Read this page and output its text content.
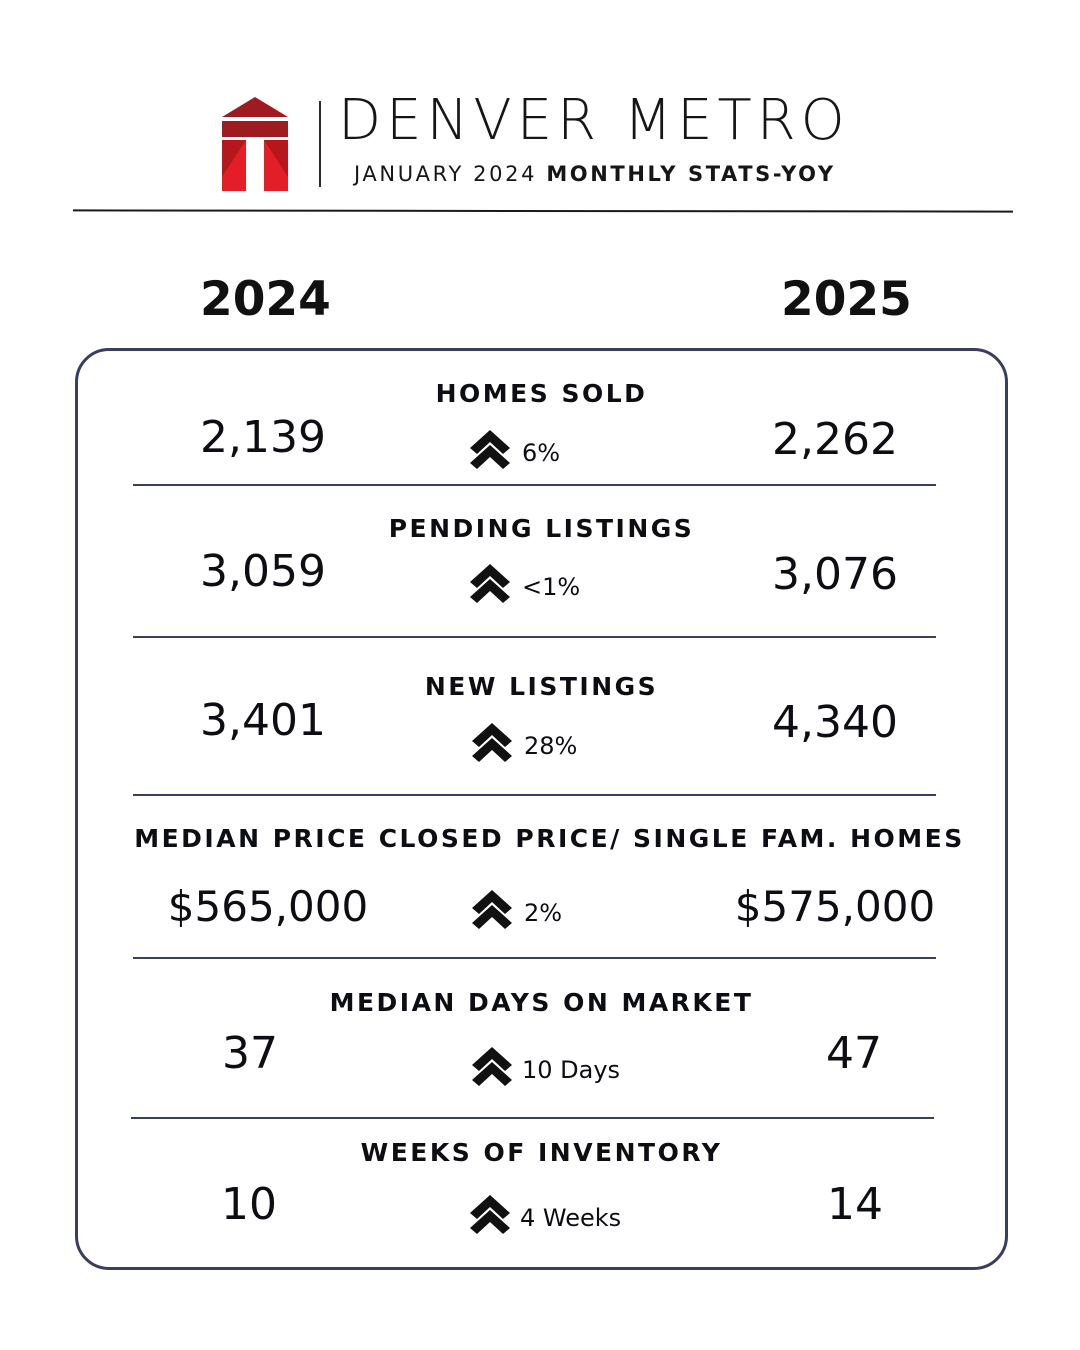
DENVER METRO
JANUARY 2024 MONTHLY STATS-YOY
2024	2025
HOMES SOLD
2,139	2,262
6%
PENDING LISTINGS
3,059	3,076
<1%
NEW LISTINGS
3,401	4,340
28%
MEDIAN PRICE CLOSED PRICE/ SINGLE FAM. HOMES
$565,000	$575,000
2%
MEDIAN DAYS ON MARKET
37	47
10 Days
WEEKS OF INVENTORY
10	14
4 Weeks
